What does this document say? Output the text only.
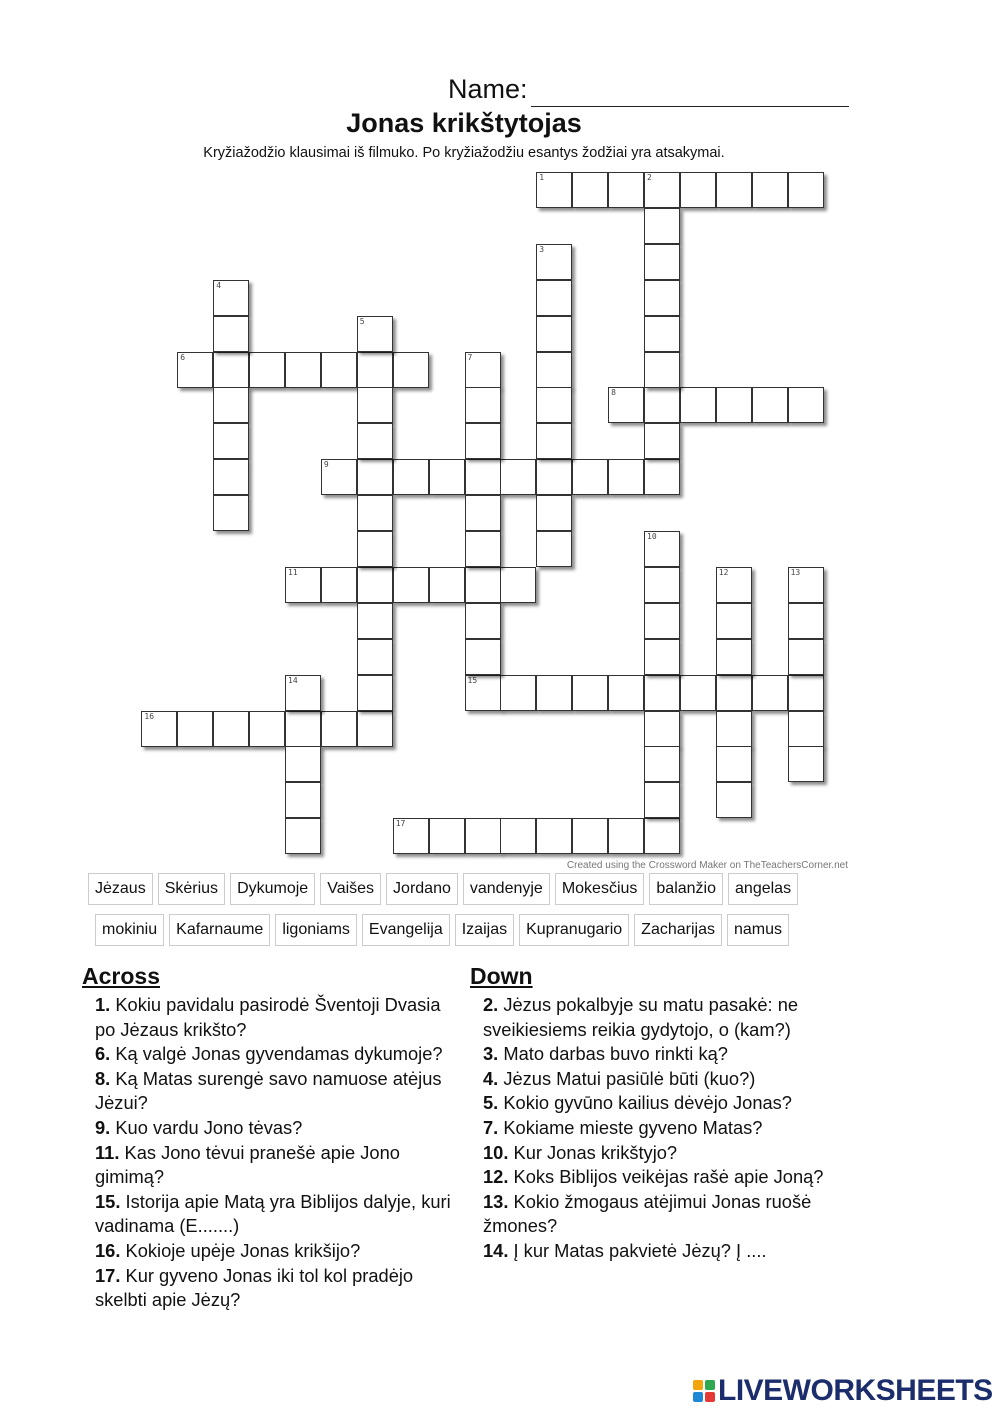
Name:
Jonas krikštytojas
Kryžiažodžio klausimai iš filmuko. Po kryžiažodžiu esantys žodžiai yra atsakymai.
1	2
6
8
9
11
15
16
17
3
4
5
7
10
12	13
14
Created using the Crossword Maker on TheTeachersCorner.net
Jėzaus	Skėrius	Dykumoje	Vaišes	Jordano	vandenyje	Mokesčius	balanžio	angelas
mokiniu	Kafarnaume	ligoniams	Evangelija	Izaijas	Kupranugario	Zacharijas	namus
Across
1. Kokiu pavidalu pasirodė Šventoji Dvasia po Jėzaus krikšto?
6. Ką valgė Jonas gyvendamas dykumoje?
8. Ką Matas surengė savo namuose atėjus Jėzui?
9. Kuo vardu Jono tėvas?
11. Kas Jono tėvui pranešė apie Jono gimimą?
15. Istorija apie Matą yra Biblijos dalyje, kuri vadinama (E.......)
16. Kokioje upėje Jonas krikšijo?
17. Kur gyveno Jonas iki tol kol pradėjo skelbti apie Jėzų?
Down
2. Jėzus pokalbyje su matu pasakė: ne sveikiesiems reikia gydytojo, o (kam?)
3. Mato darbas buvo rinkti ką?
4. Jėzus Matui pasiūlė būti (kuo?)
5. Kokio gyvūno kailius dėvėjo Jonas?
7. Kokiame mieste gyveno Matas?
10. Kur Jonas krikštyjo?
12. Koks Biblijos veikėjas rašė apie Joną?
13. Kokio žmogaus atėjimui Jonas ruošė žmones?
14. Į kur Matas pakvietė Jėzų? Į ....
LIVEWORKSHEETS
